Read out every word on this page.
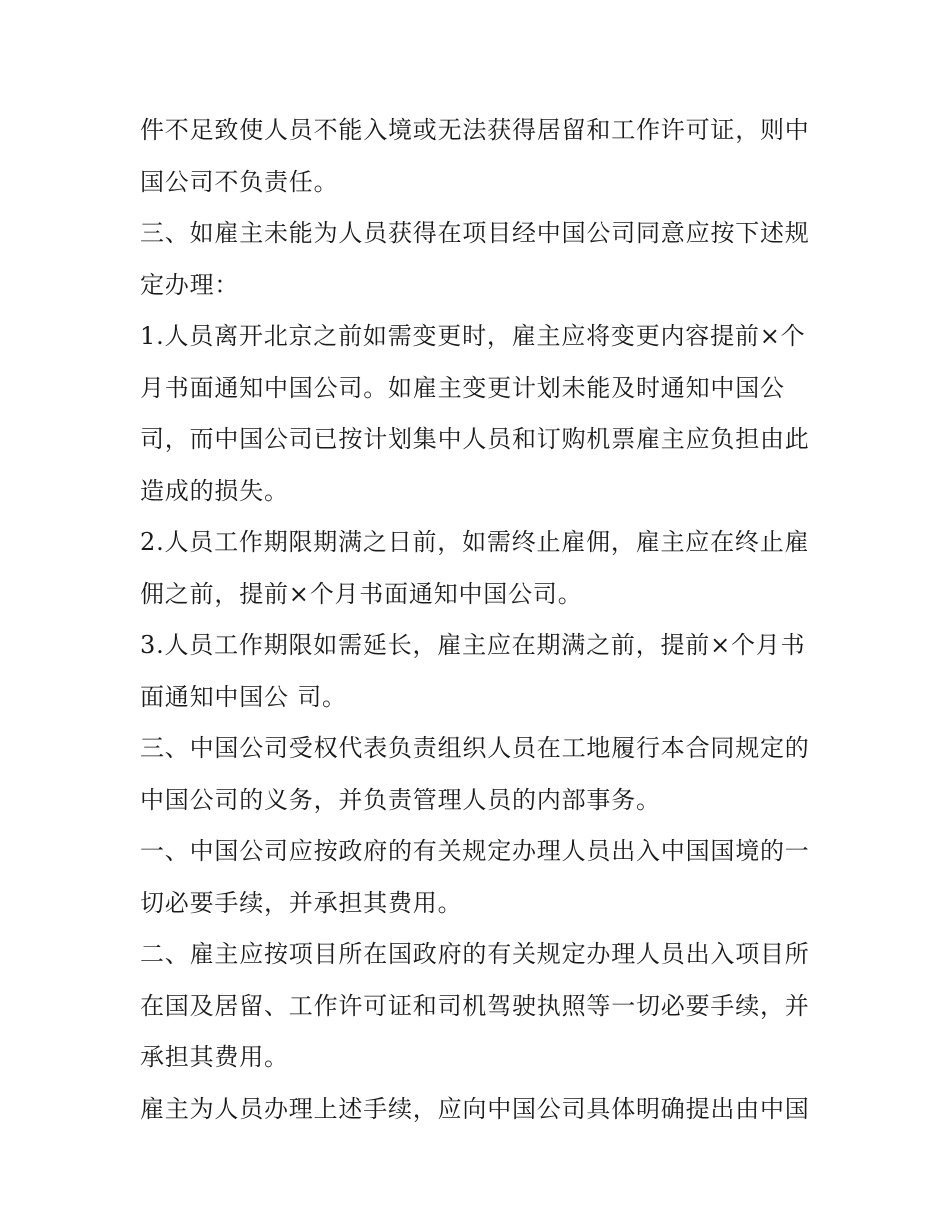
件不足致使人员不能入境或无法获得居留和工作许可证，则中
国公司不负责任。
三、如雇主未能为人员获得在项目经中国公司同意应按下述规
定办理：
1.人员离开北京之前如需变更时，雇主应将变更内容提前×个
月书面通知中国公司。如雇主变更计划未能及时通知中国公
司，而中国公司已按计划集中人员和订购机票雇主应负担由此
造成的损失。
2.人员工作期限期满之日前，如需终止雇佣，雇主应在终止雇
佣之前，提前×个月书面通知中国公司。
3.人员工作期限如需延长，雇主应在期满之前，提前×个月书
面通知中国公 司。
三、中国公司受权代表负责组织人员在工地履行本合同规定的
中国公司的义务，并负责管理人员的内部事务。
一、中国公司应按政府的有关规定办理人员出入中国国境的一
切必要手续，并承担其费用。
二、雇主应按项目所在国政府的有关规定办理人员出入项目所
在国及居留、工作许可证和司机驾驶执照等一切必要手续，并
承担其费用。
雇主为人员办理上述手续，应向中国公司具体明确提出由中国
